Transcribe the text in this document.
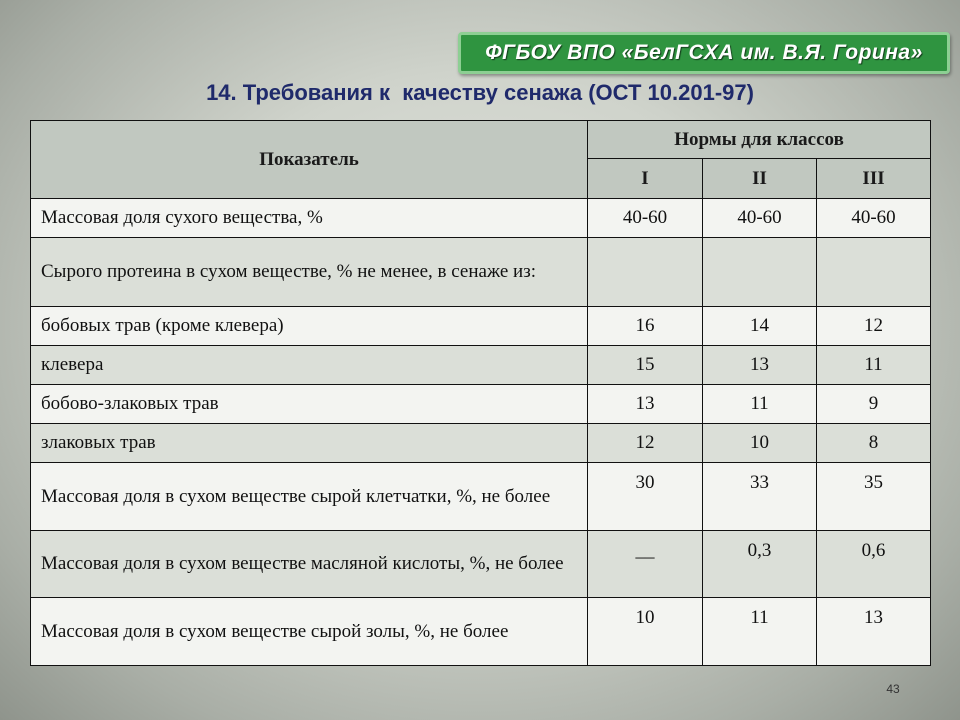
ФГБОУ ВПО «БелГСХА им. В.Я. Горина»
14. Требования к  качеству сенажа (ОСТ 10.201-97)
Показатель	Нормы для классов		
	I	II	III
Массовая доля сухого вещества, %	40-60	40-60	40-60
Сырого протеина в сухом веществе, % не менее, в сенаже из:			
бобовых трав (кроме клевера)	16	14	12
клевера	15	13	11
бобово-злаковых трав	13	11	9
злаковых трав	12	10	8
Массовая доля в сухом веществе сырой клетчатки, %, не более	30	33	35
Массовая доля в сухом веществе масляной кислоты, %, не более	__	0,3	0,6
Массовая доля в сухом веществе сырой золы, %, не более	10	11	13
43
